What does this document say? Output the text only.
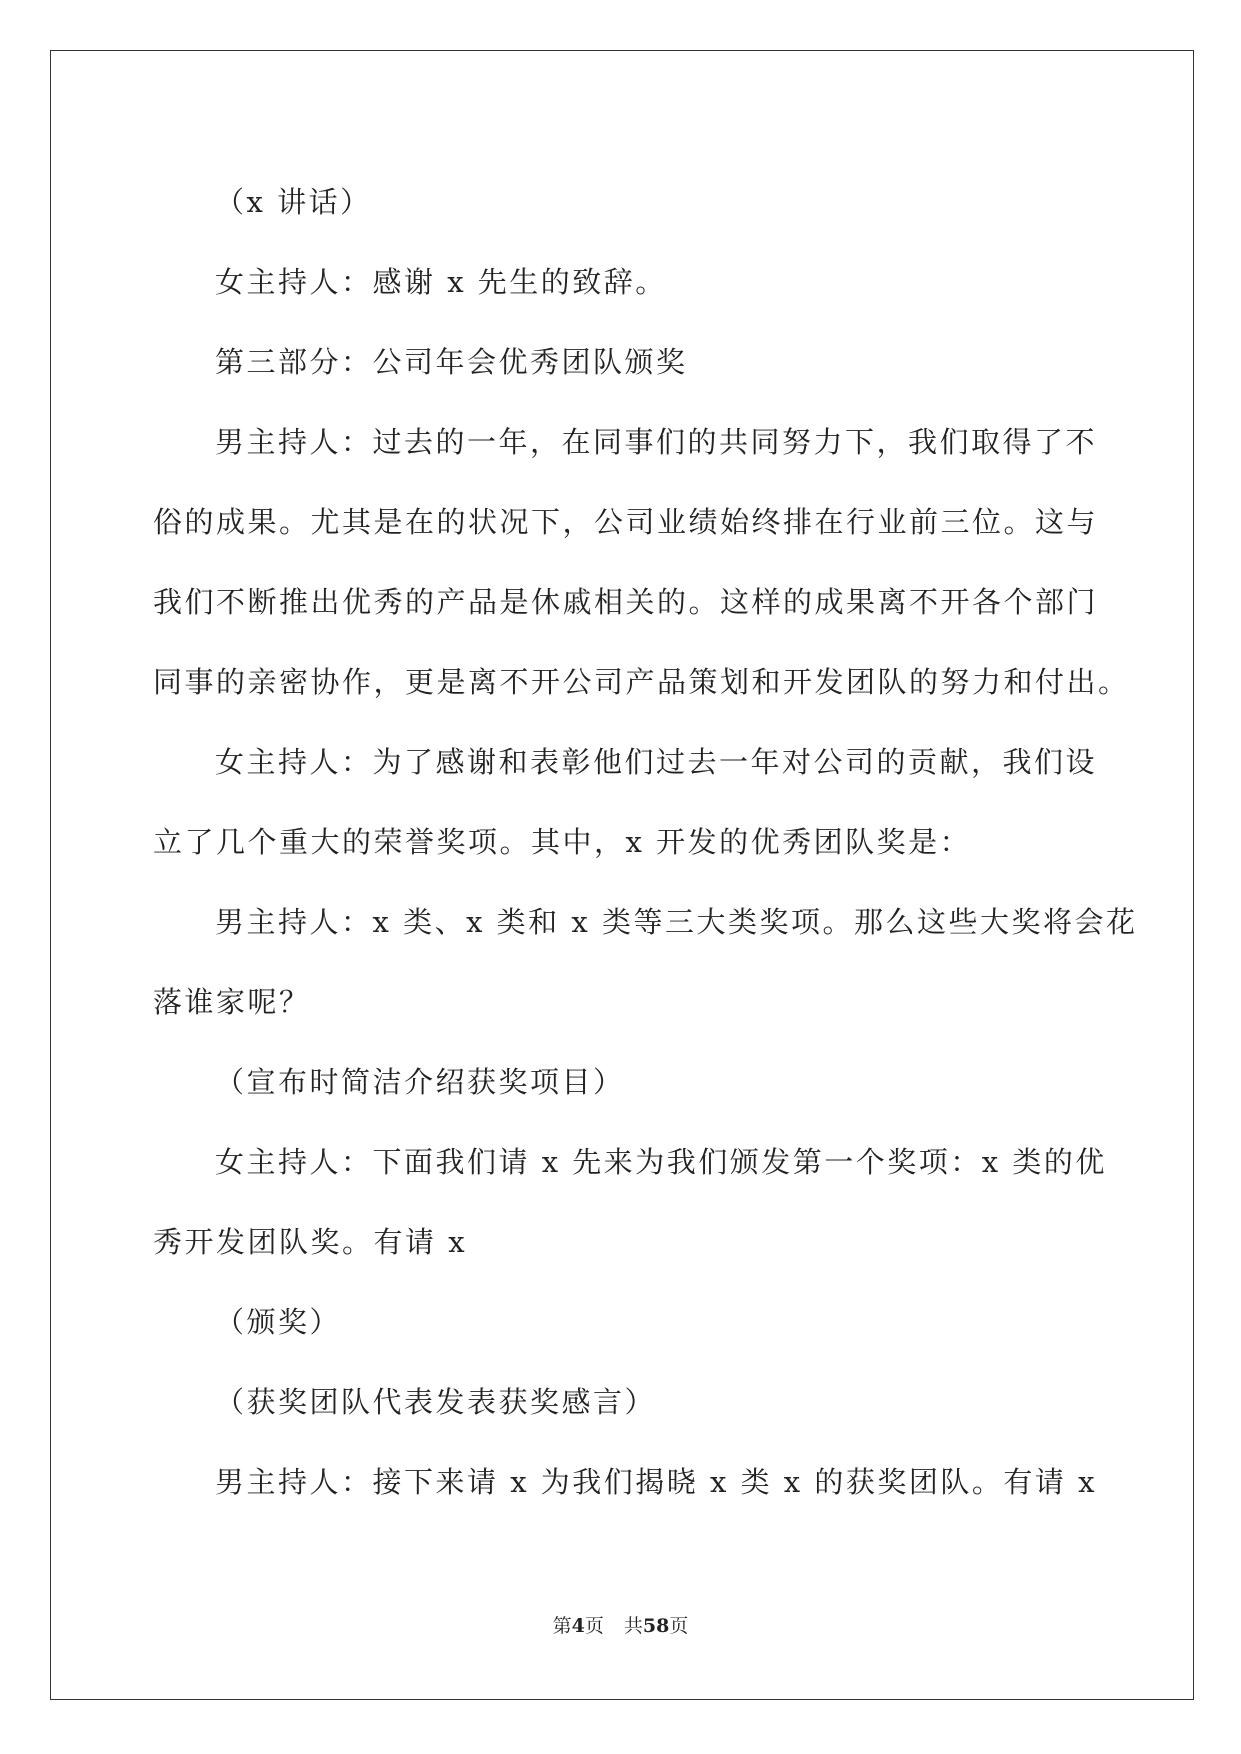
（x 讲话）
女主持人：感谢 x 先生的致辞。
第三部分：公司年会优秀团队颁奖
男主持人：过去的一年，在同事们的共同努力下，我们取得了不
俗的成果。尤其是在的状况下，公司业绩始终排在行业前三位。这与
我们不断推出优秀的产品是休戚相关的。这样的成果离不开各个部门
同事的亲密协作，更是离不开公司产品策划和开发团队的努力和付出。
女主持人：为了感谢和表彰他们过去一年对公司的贡献，我们设
立了几个重大的荣誉奖项。其中，x 开发的优秀团队奖是：
男主持人：x 类、x 类和 x 类等三大类奖项。那么这些大奖将会花
落谁家呢？
（宣布时简洁介绍获奖项目）
女主持人：下面我们请 x 先来为我们颁发第一个奖项：x 类的优
秀开发团队奖。有请 x
（颁奖）
（获奖团队代表发表获奖感言）
男主持人：接下来请 x 为我们揭晓 x 类 x 的获奖团队。有请 x
第4页 共58页
